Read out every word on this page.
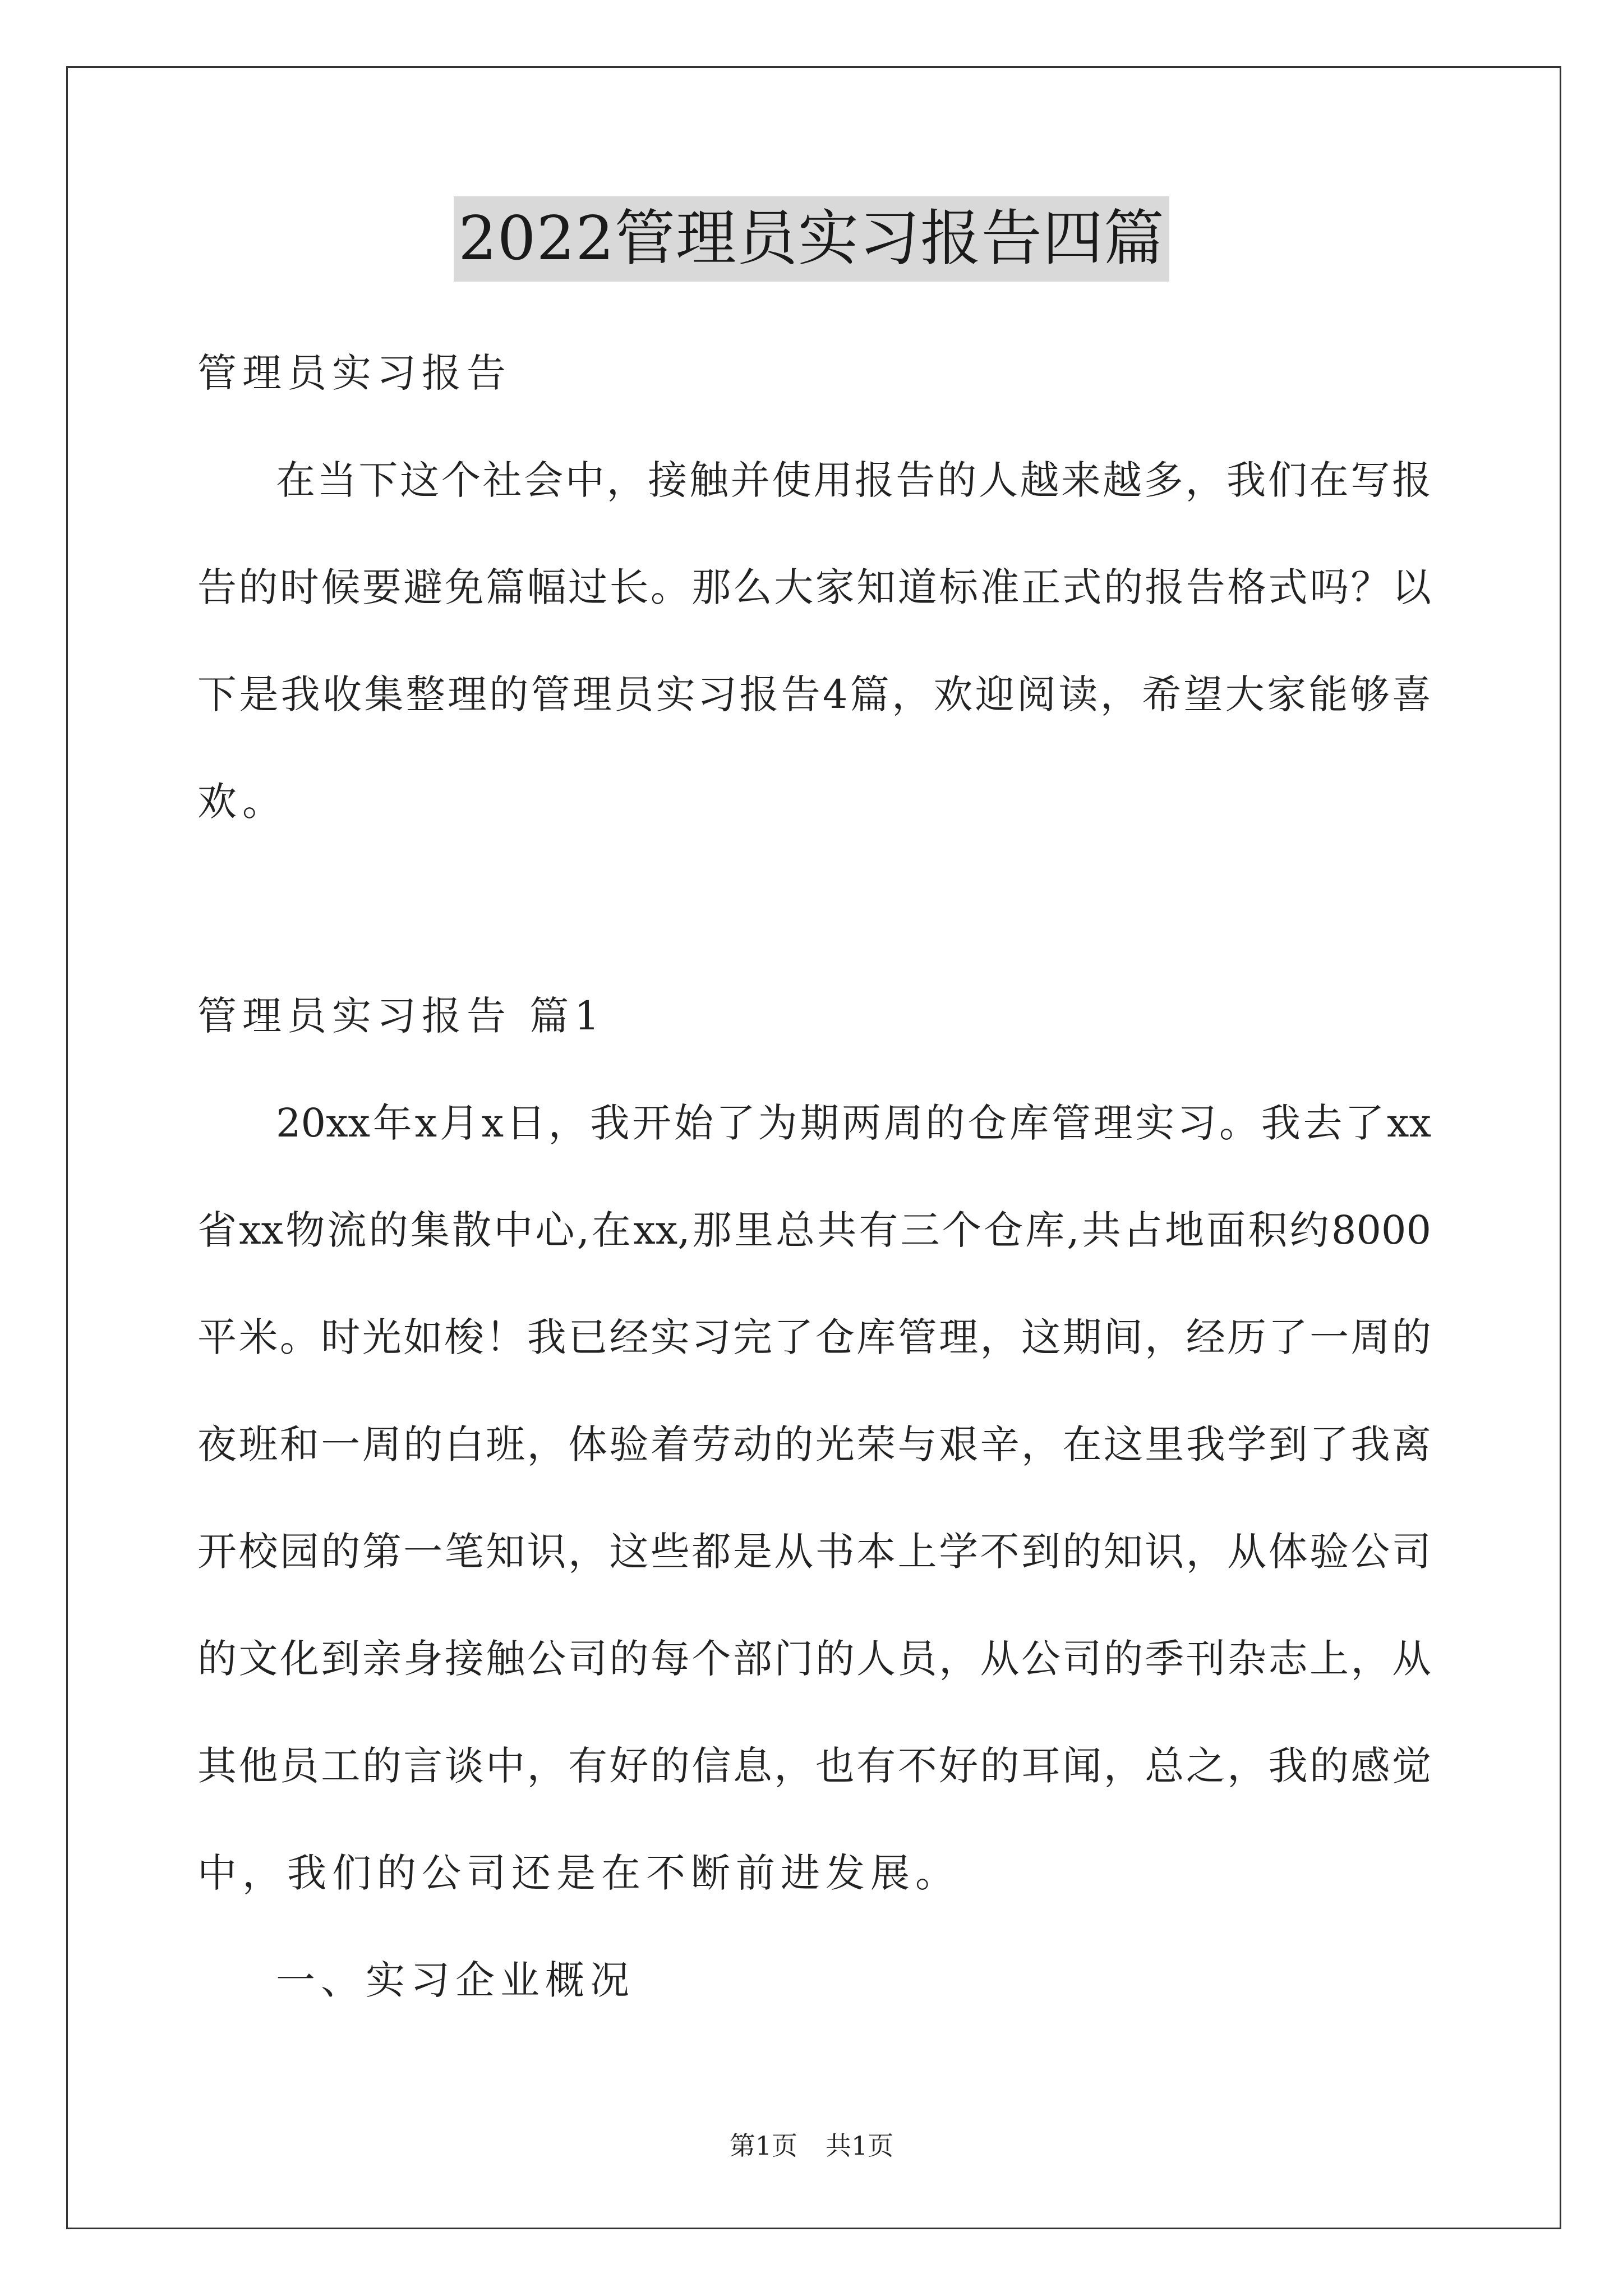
2022管理员实习报告四篇
管理员实习报告
在当下这个社会中，接触并使用报告的人越来越多，我们在写报
告的时候要避免篇幅过长。那么大家知道标准正式的报告格式吗？以
下是我收集整理的管理员实习报告4篇，欢迎阅读，希望大家能够喜
欢。
管理员实习报告 篇1
20xx年x月x日，我开始了为期两周的仓库管理实习。我去了xx
省xx物流的集散中心,在xx,那里总共有三个仓库,共占地面积约8000
平米。时光如梭！我已经实习完了仓库管理，这期间，经历了一周的
夜班和一周的白班，体验着劳动的光荣与艰辛，在这里我学到了我离
开校园的第一笔知识，这些都是从书本上学不到的知识，从体验公司
的文化到亲身接触公司的每个部门的人员，从公司的季刊杂志上，从
其他员工的言谈中，有好的信息，也有不好的耳闻，总之，我的感觉
中，我们的公司还是在不断前进发展。
一、实习企业概况
第1页 共1页
